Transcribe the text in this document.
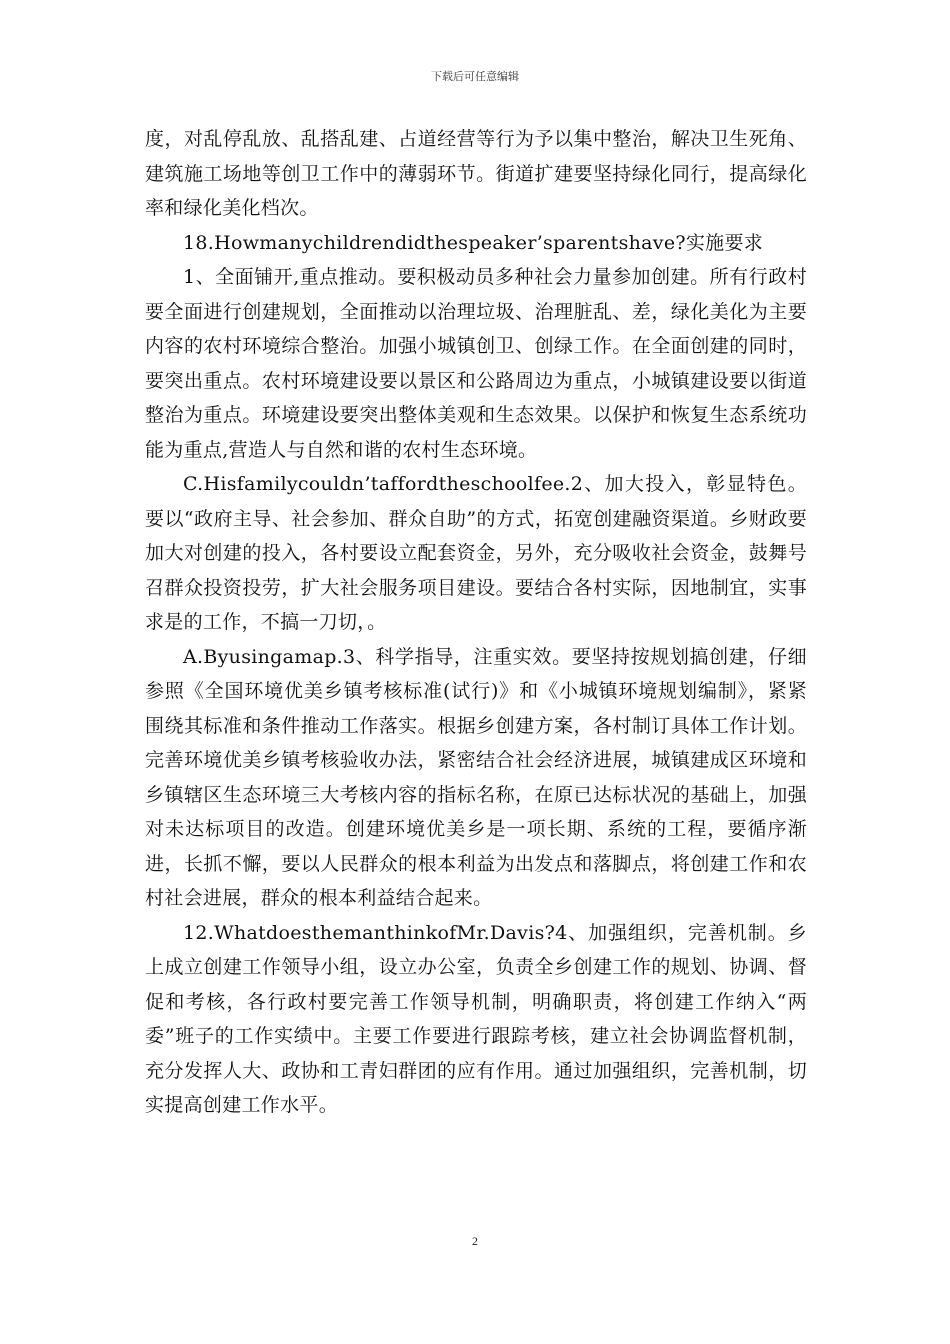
下载后可任意编辑

度，对乱停乱放、乱搭乱建、占道经营等行为予以集中整治，解决卫生死角、建筑施工场地等创卫工作中的薄弱环节。街道扩建要坚持绿化同行，提高绿化率和绿化美化档次。

18.Howmanychildrendidthespeaker’sparentshave?实施要求

1、全面铺开,重点推动。要积极动员多种社会力量参加创建。所有行政村要全面进行创建规划，全面推动以治理垃圾、治理脏乱、差，绿化美化为主要内容的农村环境综合整治。加强小城镇创卫、创绿工作。在全面创建的同时，要突出重点。农村环境建设要以景区和公路周边为重点，小城镇建设要以街道整治为重点。环境建设要突出整体美观和生态效果。以保护和恢复生态系统功能为重点,营造人与自然和谐的农村生态环境。

C.Hisfamilycouldn’taffordtheschoolfee.2、加大投入，彰显特色。要以“政府主导、社会参加、群众自助”的方式，拓宽创建融资渠道。乡财政要加大对创建的投入，各村要设立配套资金，另外，充分吸收社会资金，鼓舞号召群众投资投劳，扩大社会服务项目建设。要结合各村实际，因地制宜，实事求是的工作，不搞一刀切，。

A.Byusingamap.3、科学指导，注重实效。要坚持按规划搞创建，仔细参照《全国环境优美乡镇考核标准(试行)》和《小城镇环境规划编制》，紧紧围绕其标准和条件推动工作落实。根据乡创建方案，各村制订具体工作计划。完善环境优美乡镇考核验收办法，紧密结合社会经济进展，城镇建成区环境和乡镇辖区生态环境三大考核内容的指标名称，在原已达标状况的基础上，加强对未达标项目的改造。创建环境优美乡是一项长期、系统的工程，要循序渐进，长抓不懈，要以人民群众的根本利益为出发点和落脚点，将创建工作和农村社会进展，群众的根本利益结合起来。

12.WhatdoesthemanthinkofMr.Davis?4、加强组织，完善机制。乡上成立创建工作领导小组，设立办公室，负责全乡创建工作的规划、协调、督促和考核，各行政村要完善工作领导机制，明确职责，将创建工作纳入“两委”班子的工作实绩中。主要工作要进行跟踪考核，建立社会协调监督机制，充分发挥人大、政协和工青妇群团的应有作用。通过加强组织，完善机制，切实提高创建工作水平。

2
